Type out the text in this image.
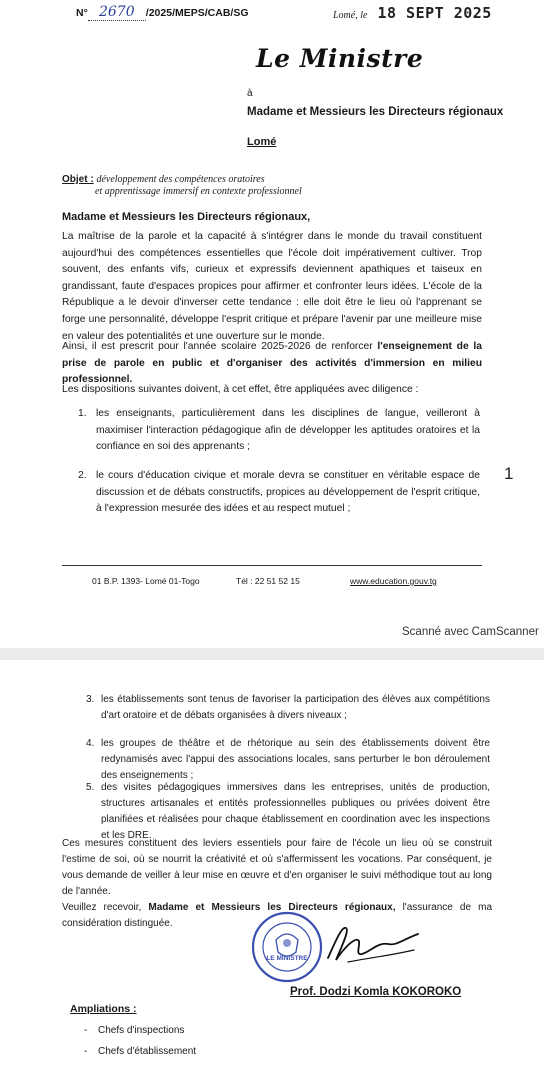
N° 2670 /2025/MEPS/CAB/SG	Lomé, le 18 SEPT 2025
Le Ministre
à
Madame et Messieurs les Directeurs régionaux
Lomé
Objet : développement des compétences oratoires
et apprentissage immersif en contexte professionnel
Madame et Messieurs les Directeurs régionaux,
La maîtrise de la parole et la capacité à s'intégrer dans le monde du travail constituent aujourd'hui des compétences essentielles que l'école doit impérativement cultiver. Trop souvent, des enfants vifs, curieux et expressifs deviennent apathiques et taiseux en grandissant, faute d'espaces propices pour affirmer et confronter leurs idées. L'école de la République a le devoir d'inverser cette tendance : elle doit être le lieu où l'apprenant se forge une personnalité, développe l'esprit critique et prépare l'avenir par une meilleure mise en valeur des potentialités et une ouverture sur le monde.
Ainsi, il est prescrit pour l'année scolaire 2025-2026 de renforcer l'enseignement de la prise de parole en public et d'organiser des activités d'immersion en milieu professionnel.
Les dispositions suivantes doivent, à cet effet, être appliquées avec diligence :
1. les enseignants, particulièrement dans les disciplines de langue, veilleront à maximiser l'interaction pédagogique afin de développer les aptitudes oratoires et la confiance en soi des apprenants ;
2. le cours d'éducation civique et morale devra se constituer en véritable espace de discussion et de débats constructifs, propices au développement de l'esprit critique, à l'expression mesurée des idées et au respect mutuel ;
1
01 B.P. 1393- Lomé 01-Togo	Tél : 22 51 52 15	www.education.gouv.tg
Scanné avec CamScanner
3. les établissements sont tenus de favoriser la participation des élèves aux compétitions d'art oratoire et de débats organisées à divers niveaux ;
4. les groupes de théâtre et de rhétorique au sein des établissements doivent être redynamisés avec l'appui des associations locales, sans perturber le bon déroulement des enseignements ;
5. des visites pédagogiques immersives dans les entreprises, unités de production, structures artisanales et entités professionnelles publiques ou privées doivent être planifiées et réalisées pour chaque établissement en coordination avec les inspections et les DRE.
Ces mesures constituent des leviers essentiels pour faire de l'école un lieu où se construit l'estime de soi, où se nourrit la créativité et où s'affermissent les vocations. Par conséquent, je vous demande de veiller à leur mise en œuvre et d'en organiser le suivi méthodique tout au long de l'année.
Veuillez recevoir, Madame et Messieurs les Directeurs régionaux, l'assurance de ma considération distinguée.
LE MINISTRE
Prof. Dodzi Komla KOKOROKO
Ampliations :
- Chefs d'inspections
- Chefs d'établissement
